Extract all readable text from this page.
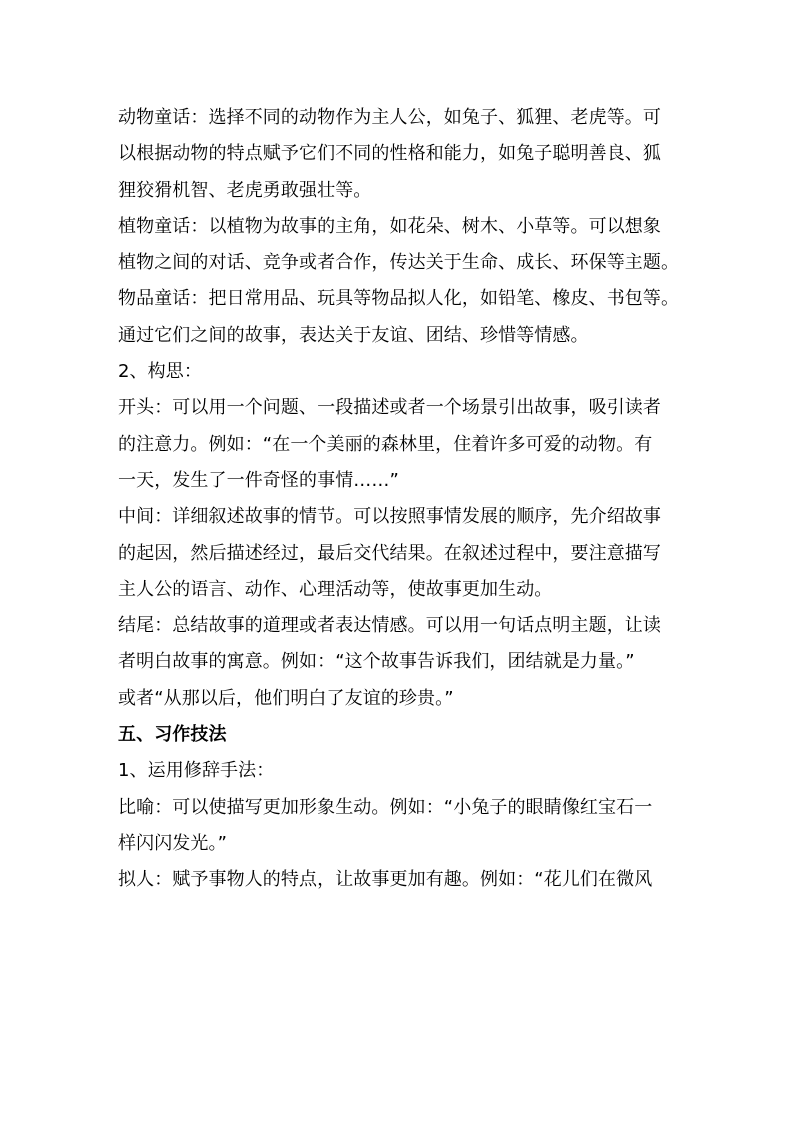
动物童话：选择不同的动物作为主人公，如兔子、狐狸、老虎等。可
以根据动物的特点赋予它们不同的性格和能力，如兔子聪明善良、狐
狸狡猾机智、老虎勇敢强壮等。
植物童话：以植物为故事的主角，如花朵、树木、小草等。可以想象
植物之间的对话、竞争或者合作，传达关于生命、成长、环保等主题。
物品童话：把日常用品、玩具等物品拟人化，如铅笔、橡皮、书包等。
通过它们之间的故事，表达关于友谊、团结、珍惜等情感。
2、构思：
开头：可以用一个问题、一段描述或者一个场景引出故事，吸引读者
的注意力。例如：“在一个美丽的森林里，住着许多可爱的动物。有
一天，发生了一件奇怪的事情……”
中间：详细叙述故事的情节。可以按照事情发展的顺序，先介绍故事
的起因，然后描述经过，最后交代结果。在叙述过程中，要注意描写
主人公的语言、动作、心理活动等，使故事更加生动。
结尾：总结故事的道理或者表达情感。可以用一句话点明主题，让读
者明白故事的寓意。例如：“这个故事告诉我们，团结就是力量。”
或者“从那以后，他们明白了友谊的珍贵。”
五、习作技法
1、运用修辞手法：
比喻：可以使描写更加形象生动。例如：“小兔子的眼睛像红宝石一
样闪闪发光。”
拟人：赋予事物人的特点，让故事更加有趣。例如：“花儿们在微风
